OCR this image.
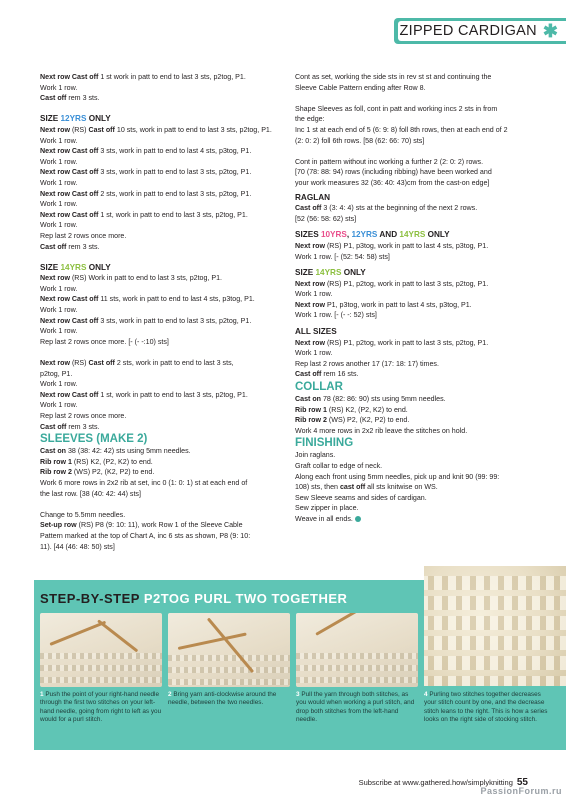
ZIPPED CARDIGAN ✱

Next row Cast off 1 st work in patt to end to last 3 sts, p2tog, P1.

Work 1 row.

Cast off rem 3 sts.

SIZE 12YRS ONLY

Next row (RS) Cast off 10 sts, work in patt to end to last 3 sts, p2tog, P1.

Work 1 row.

Next row Cast off 3 sts, work in patt to end to last 4 sts, p3tog, P1.

Work 1 row.

Next row Cast off 3 sts, work in patt to end to last 3 sts, p2tog, P1.

Work 1 row.

Next row Cast off 2 sts, work in patt to end to last 3 sts, p2tog, P1.

Work 1 row.

Next row Cast off 1 st, work in patt to end to last 3 sts, p2tog, P1.

Work 1 row.

Rep last 2 rows once more.

Cast off rem 3 sts.

SIZE 14YRS ONLY

Next row (RS) Work in patt to end to last 3 sts, p2tog, P1.

Work 1 row.

Next row Cast off 11 sts, work in patt to end to last 4 sts, p3tog, P1.

Work 1 row.

Next row Cast off 3 sts, work in patt to end to last 3 sts, p2tog, P1.

Work 1 row.

Rep last 2 rows once more. [- (- -:10) sts]

Next row (RS) Cast off 2 sts, work in patt to end to last 3 sts,

p2tog, P1.

Work 1 row.

Next row Cast off 1 st, work in patt to end to last 3 sts, p2tog, P1.

Work 1 row.

Rep last 2 rows once more.

Cast off rem 3 sts.

SLEEVES (MAKE 2)

Cast on 38 (38: 42: 42) sts using 5mm needles.

Rib row 1 (RS) K2, (P2, K2) to end.

Rib row 2 (WS) P2, (K2, P2) to end.

Work 6 more rows in 2x2 rib at set, inc 0 (1: 0: 1) st at each end of

the last row. [38 (40: 42: 44) sts]

Change to 5.5mm needles.

Set-up row (RS) P8 (9: 10: 11), work Row 1 of the Sleeve Cable

Pattern marked at the top of Chart A, inc 6 sts as shown, P8 (9: 10:

11). [44 (46: 48: 50) sts]

Cont as set, working the side sts in rev st st and continuing the

Sleeve Cable Pattern ending after Row 8.

Shape Sleeves as foll, cont in patt and working incs 2 sts in from

the edge:

Inc 1 st at each end of 5 (6: 9: 8) foll 8th rows, then at each end of 2

(2: 0: 2) foll 6th rows. [58 (62: 66: 70) sts]

Cont in pattern without inc working a further 2 (2: 0: 2) rows.

[70 (78: 88: 94) rows (including ribbing) have been worked and

your work measures 32 (36: 40: 43)cm from the cast-on edge]

RAGLAN

Cast off 3 (3: 4: 4) sts at the beginning of the next 2 rows.

[52 (56: 58: 62) sts]

SIZES 10YRS, 12YRS AND 14YRS ONLY

Next row (RS) P1, p3tog, work in patt to last 4 sts, p3tog, P1.

Work 1 row. [- (52: 54: 58) sts]

SIZE 14YRS ONLY

Next row (RS) P1, p2tog, work in patt to last 3 sts, p2tog, P1.

Work 1 row.

Next row P1, p3tog, work in patt to last 4 sts, p3tog, P1.

Work 1 row. [- (- -: 52) sts]

ALL SIZES

Next row (RS) P1, p2tog, work in patt to last 3 sts, p2tog, P1.

Work 1 row.

Rep last 2 rows another 17 (17: 18: 17) times.

Cast off rem 16 sts.

COLLAR

Cast on 78 (82: 86: 90) sts using 5mm needles.

Rib row 1 (RS) K2, (P2, K2) to end.

Rib row 2 (WS) P2, (K2, P2) to end.

Work 4 more rows in 2x2 rib leave the stitches on hold.

FINISHING

Join raglans.

Graft collar to edge of neck.

Along each front using 5mm needles, pick up and knit 90 (99: 99:

108) sts, then cast off all sts knitwise on WS.

Sew Sleeve seams and sides of cardigan.

Sew zipper in place.

Weave in all ends.

STEP-BY-STEP P2TOG PURL TWO TOGETHER
1 Push the point of your right-hand needle through the first two stitches on your left-hand needle, going from right to left as you would for a purl stitch.
2 Bring yarn anti-clockwise around the needle, between the two needles.
3 Pull the yarn through both stitches, as you would when working a purl stitch, and drop both stitches from the left-hand needle.
4 Purling two stitches together decreases your stitch count by one, and the decrease stitch leans to the right. This is how a series looks on the right side of stocking stitch.
Subscribe at www.gathered.how/simplyknitting 55
PassionForum.ru
